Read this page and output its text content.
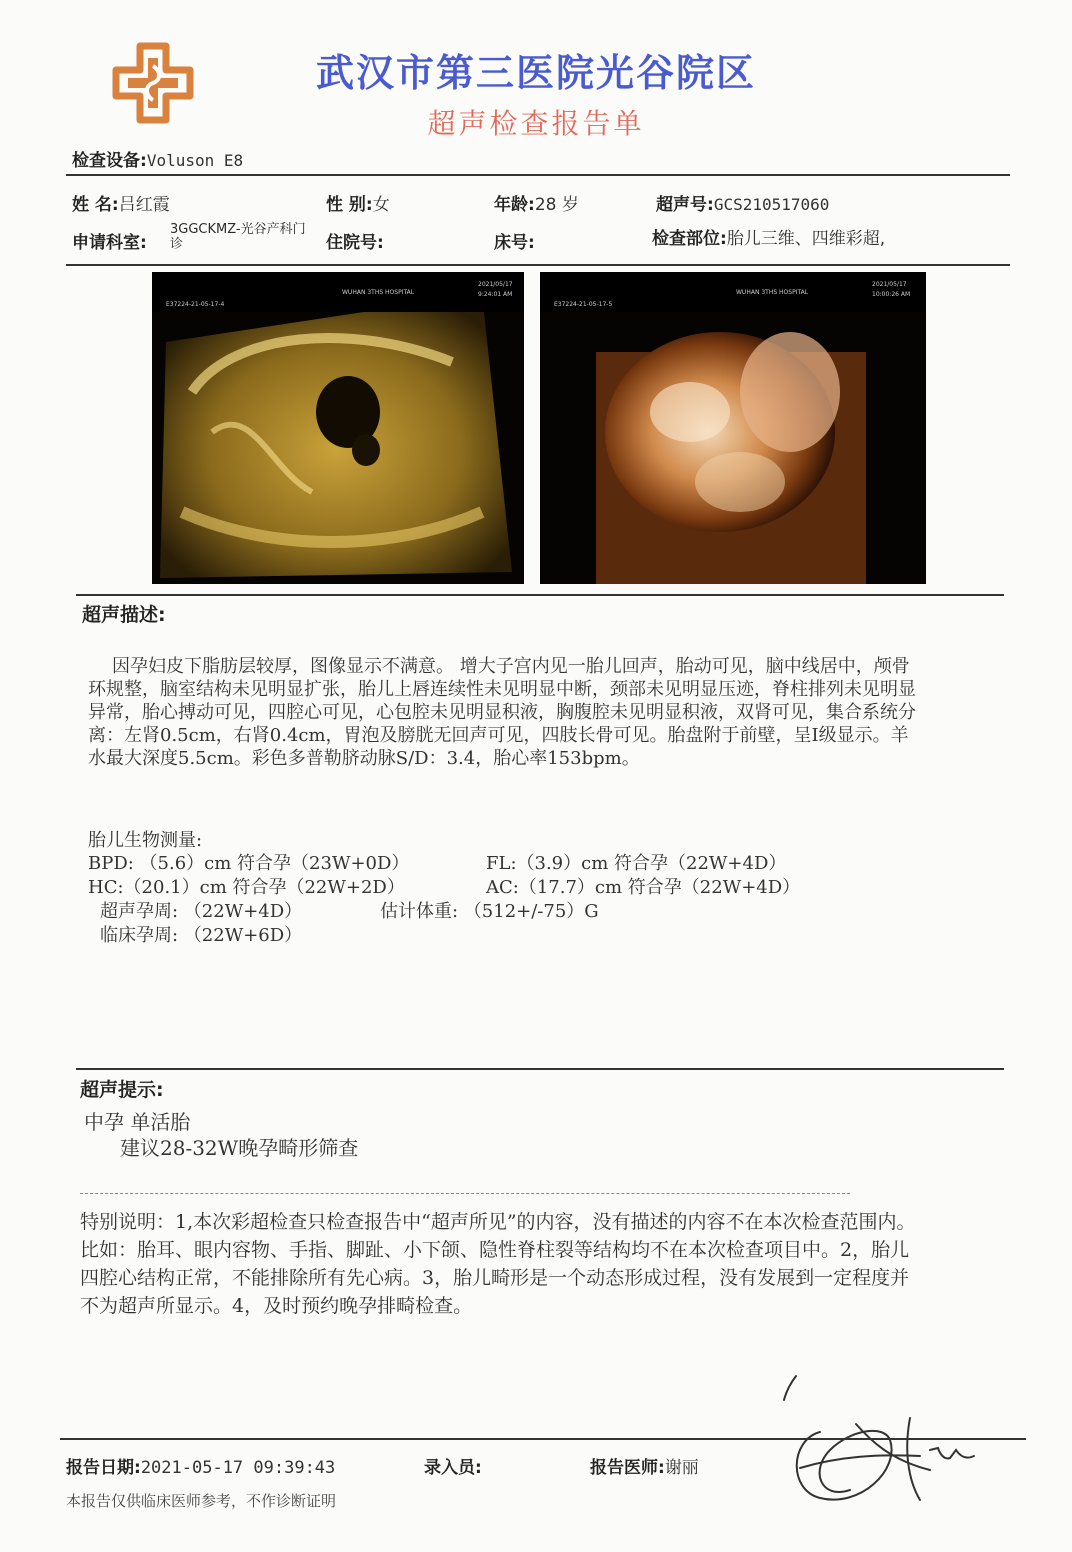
武汉市第三医院光谷院区
超声检查报告单
检查设备:Voluson E8
姓 名:吕红霞	性 别:女	年龄:28 岁	超声号:GCS210517060
申请科室:
3GGCKMZ-光谷产科门诊	住院号:	床号:	检查部位:胎儿三维、四维彩超,
WUHAN 3THS HOSPITAL
E37224-21-05-17-4
2021/05/17
9:24:01 AM	WUHAN 3THS HOSPITAL
E37224-21-05-17-5
2021/05/17
10:00:26 AM
超声描述:

因孕妇皮下脂肪层较厚，图像显示不满意。 增大子宫内见一胎儿回声，胎动可见，脑中线居中，颅骨环规整，脑室结构未见明显扩张，胎儿上唇连续性未见明显中断，颈部未见明显压迹，脊柱排列未见明显异常，胎心搏动可见，四腔心可见，心包腔未见明显积液，胸腹腔未见明显积液，双肾可见，集合系统分离：左肾0.5cm，右肾0.4cm，胃泡及膀胱无回声可见，四肢长骨可见。胎盘附于前壁，呈I级显示。羊水最大深度5.5cm。彩色多普勒脐动脉S/D：3.4，胎心率153bpm。

胎儿生物测量:
BPD: （5.6）cm 符合孕（23W+0D）	FL:（3.9）cm 符合孕（22W+4D）
HC:（20.1）cm 符合孕（22W+2D）	AC:（17.7）cm 符合孕（22W+4D）
超声孕周: （22W+4D）	估计体重: （512+/-75）G
临床孕周: （22W+6D）
超声提示:
中孕 单活胎
建议28-32W晚孕畸形筛查
特别说明：1,本次彩超检查只检查报告中“超声所见”的内容，没有描述的内容不在本次检查范围内。比如：胎耳、眼内容物、手指、脚趾、小下颌、隐性脊柱裂等结构均不在本次检查项目中。2，胎儿四腔心结构正常，不能排除所有先心病。3，胎儿畸形是一个动态形成过程，没有发展到一定程度并不为超声所显示。4，及时预约晚孕排畸检查。
报告日期:2021-05-17 09:39:43	录入员:	报告医师:谢丽
本报告仅供临床医师参考，不作诊断证明
